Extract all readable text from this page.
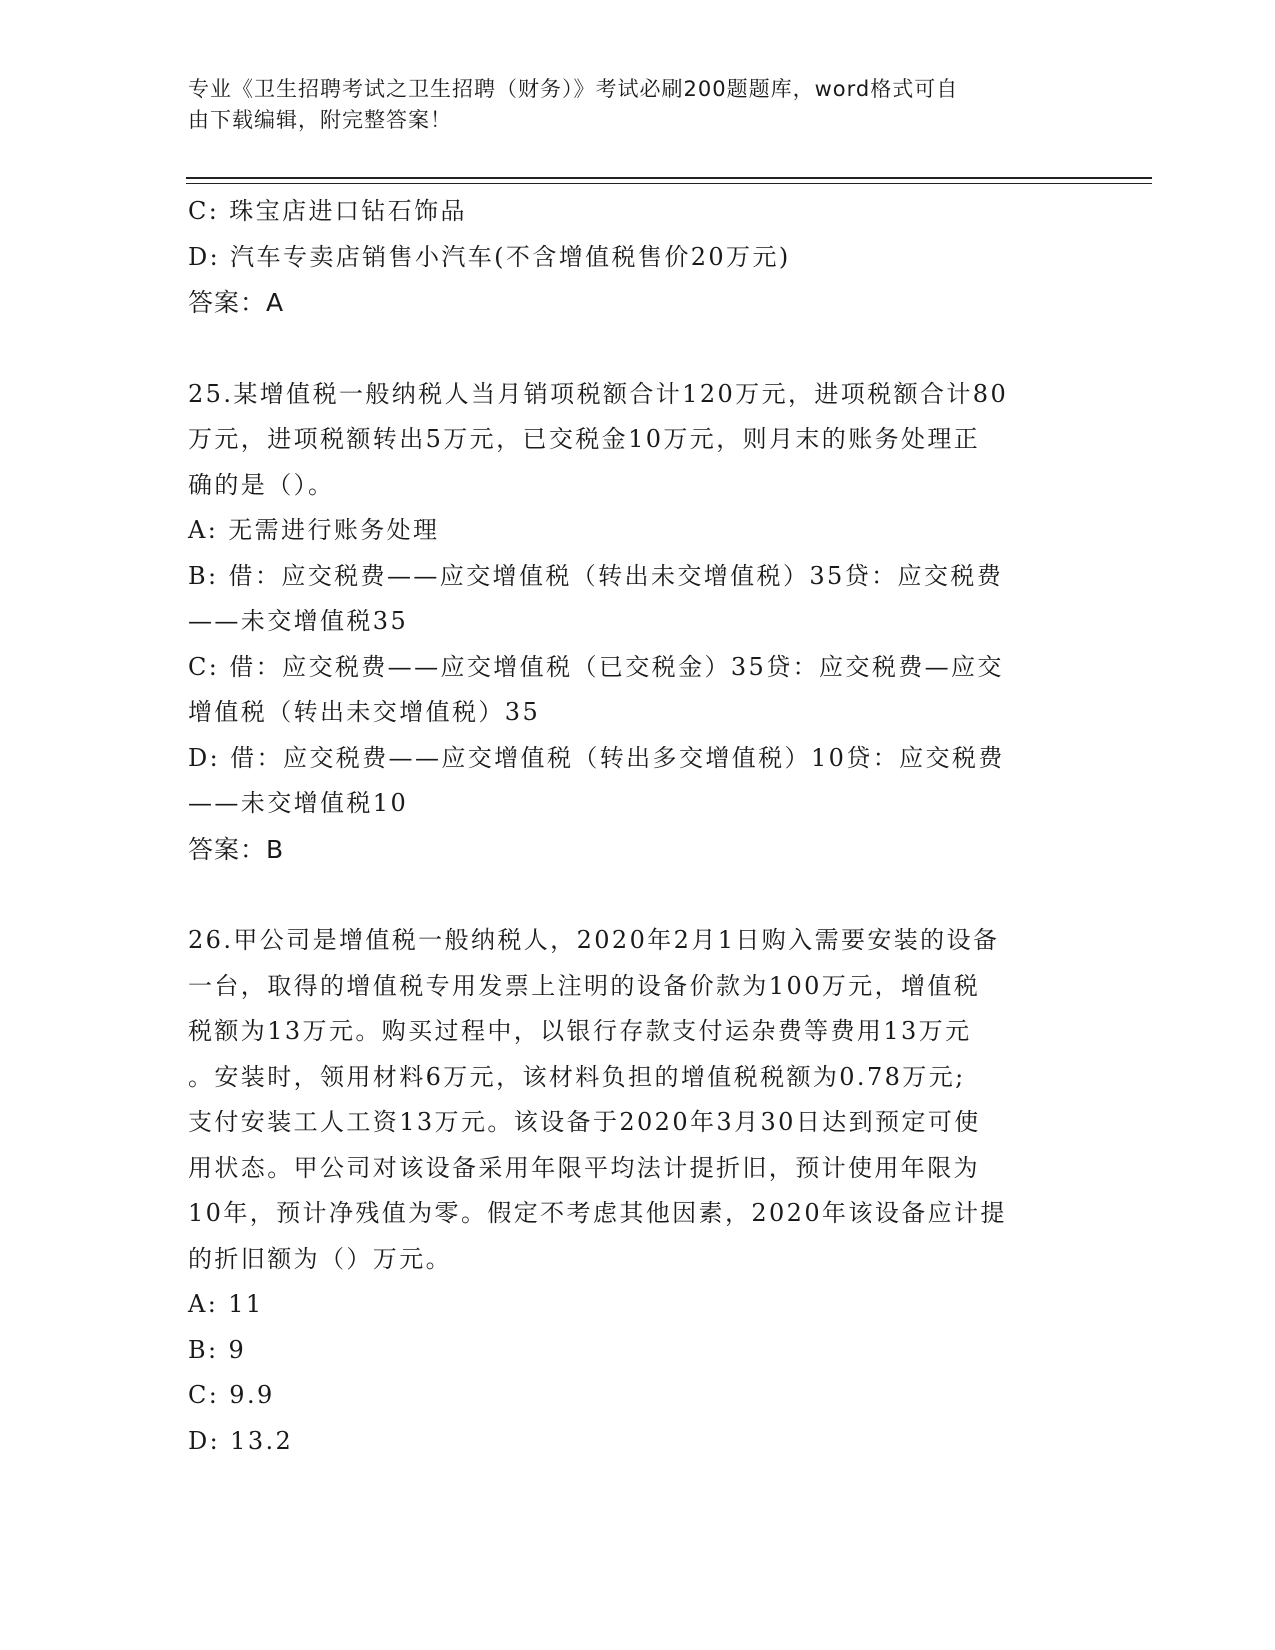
专业《卫生招聘考试之卫生招聘（财务）》考试必刷200题题库，word格式可自
由下载编辑，附完整答案！
C: 珠宝店进口钻石饰品
D: 汽车专卖店销售小汽车(不含增值税售价20万元)
答案：A
25.某增值税一般纳税人当月销项税额合计120万元，进项税额合计80
万元，进项税额转出5万元，已交税金10万元，则月末的账务处理正
确的是（）。
A: 无需进行账务处理
B: 借：应交税费——应交增值税（转出未交增值税）35贷：应交税费
——未交增值税35
C: 借：应交税费——应交增值税（已交税金）35贷：应交税费—应交
增值税（转出未交增值税）35
D: 借：应交税费——应交增值税（转出多交增值税）10贷：应交税费
——未交增值税10
答案：B
26.甲公司是增值税一般纳税人，2020年2月1日购入需要安装的设备
一台，取得的增值税专用发票上注明的设备价款为100万元，增值税
税额为13万元。购买过程中，以银行存款支付运杂费等费用13万元
。安装时，领用材料6万元，该材料负担的增值税税额为0.78万元;
支付安装工人工资13万元。该设备于2020年3月30日达到预定可使
用状态。甲公司对该设备采用年限平均法计提折旧，预计使用年限为
10年，预计净残值为零。假定不考虑其他因素，2020年该设备应计提
的折旧额为（）万元。
A: 11
B: 9
C: 9.9
D: 13.2
